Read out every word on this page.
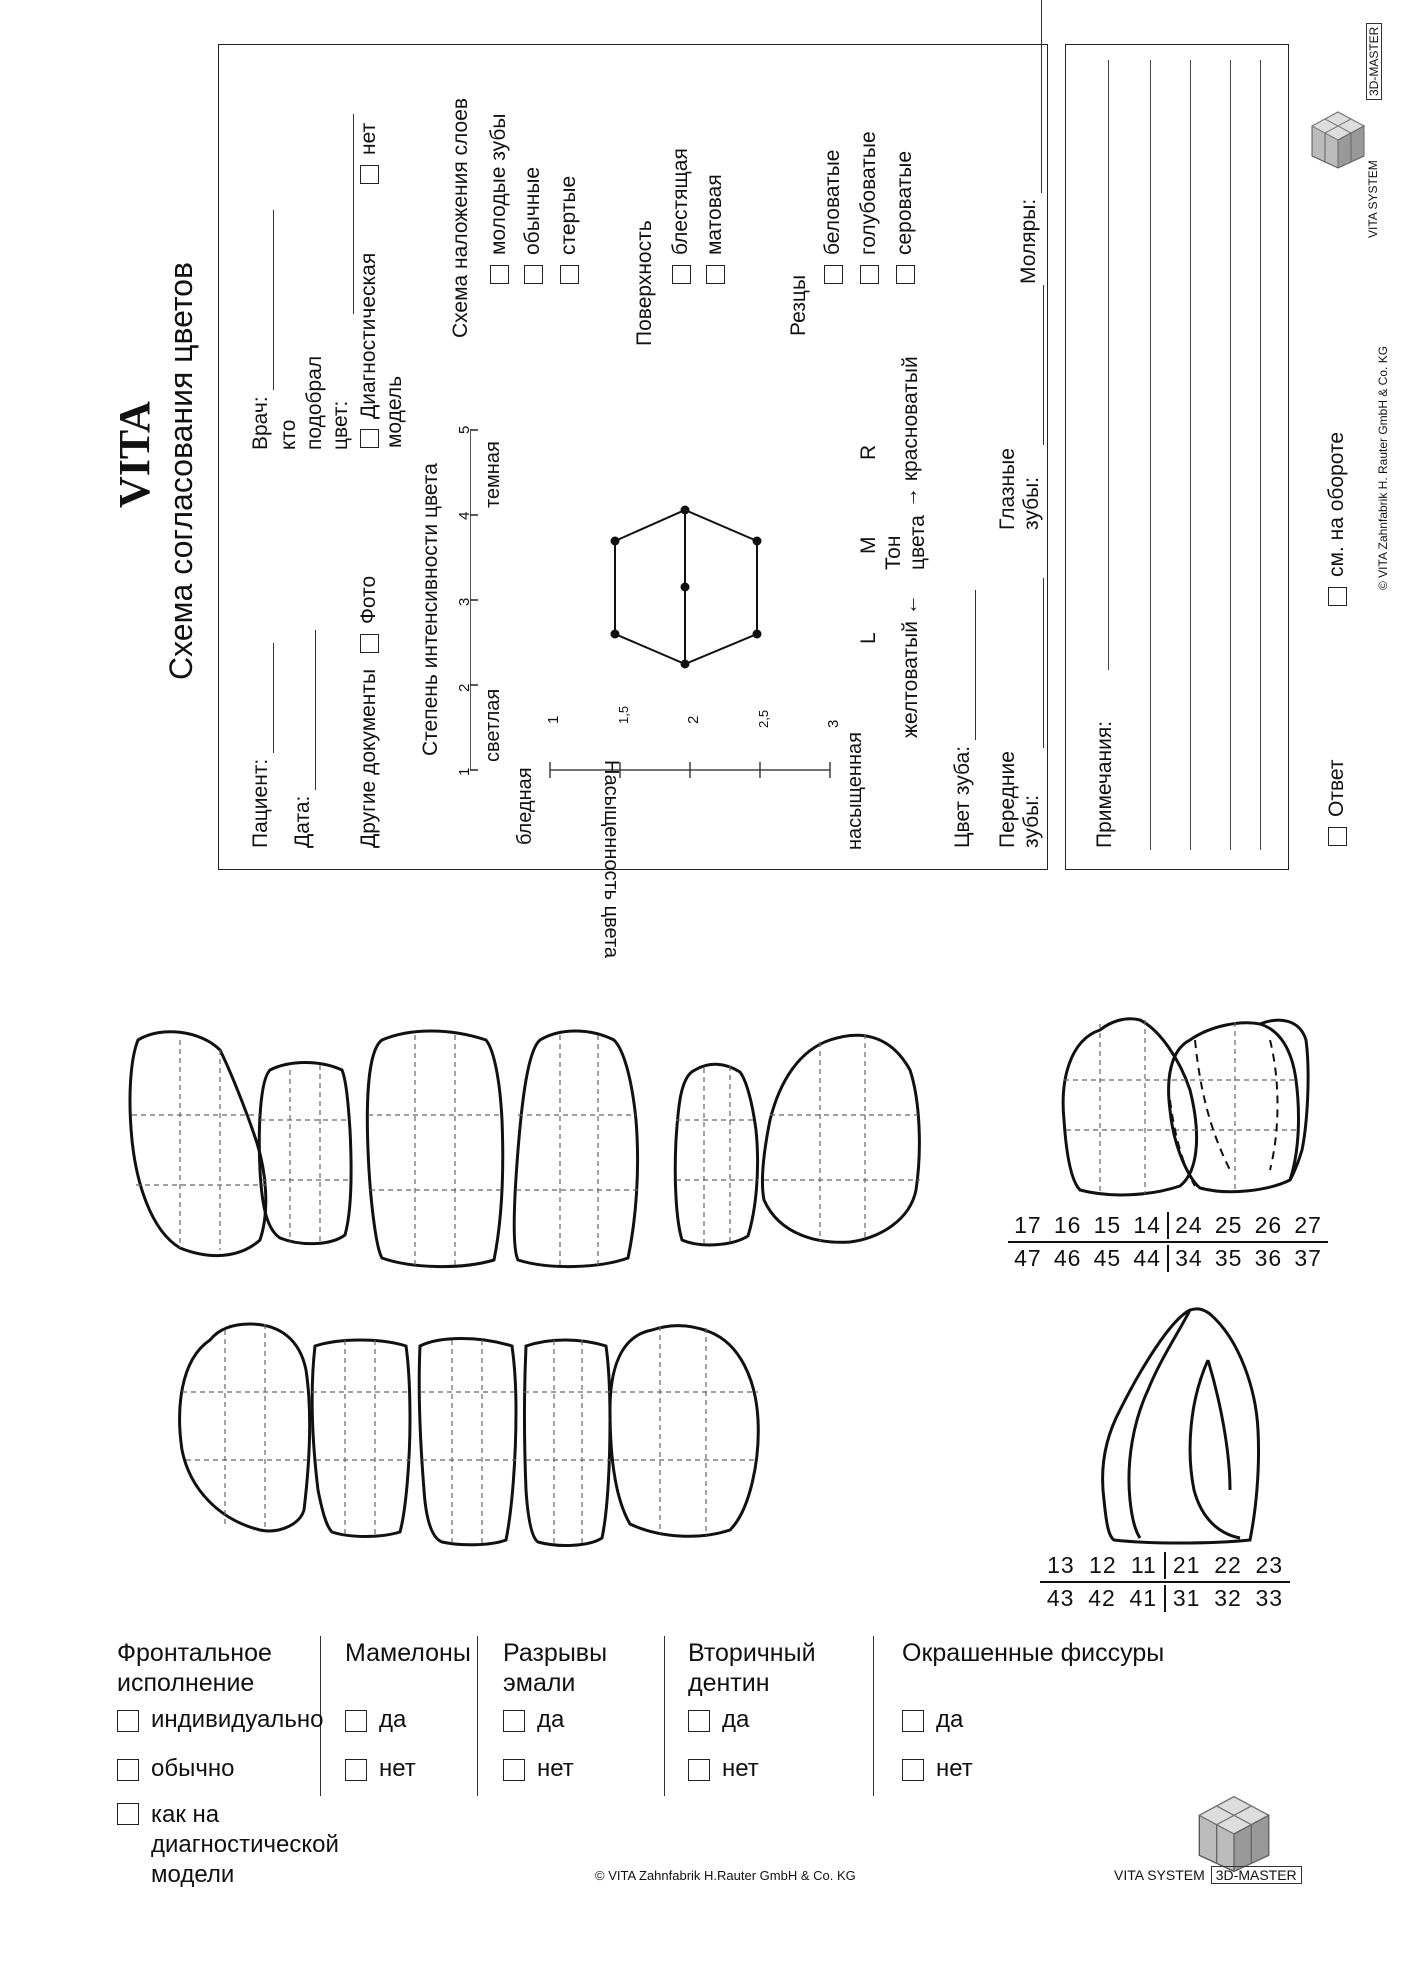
VITA Схема согласования цветов
Пациент: Дата:
Врач: кто подобрал цвет:
Другие документы Фото
Диагностическая модель
нет
Степень интенсивности цвета светлая
темная
бледная	Насыщенность цвета	насыщенная
1	1,5	2	2,5	3
1
2
3
4
5
L
M
R
желтоватый ←
Тон цвета
→ красноватый
Схема наложения слоев молодые зубы обычные стертые
Поверхность
блестящая матовая
Резцы
беловатые голубоватые сероватые
Цвет зуба: Передние зубы:
Глазные зубы:
Моляры:
Примечания:	Ответ
см. на обороте © VITA Zahnfabrik H. Rauter GmbH & Co. KG
VITA SYSTEM
3D-MASTER
17 16 15 14 24 25 26 27
47 46 45 44 34 35 36 37
13 12 11 21 22 23
43 42 41 31 32 33
Фронтальное исполнение
индивидуально
обычно
как на диагностической модели
Мамелоны
да
нет
Разрывы эмали
да
нет
Вторичный дентин
да
нет
Окрашенные фиссуры
да
нет
© VITA Zahnfabrik H.Rauter GmbH & Co. KG	VITA SYSTEM 3D-MASTER
